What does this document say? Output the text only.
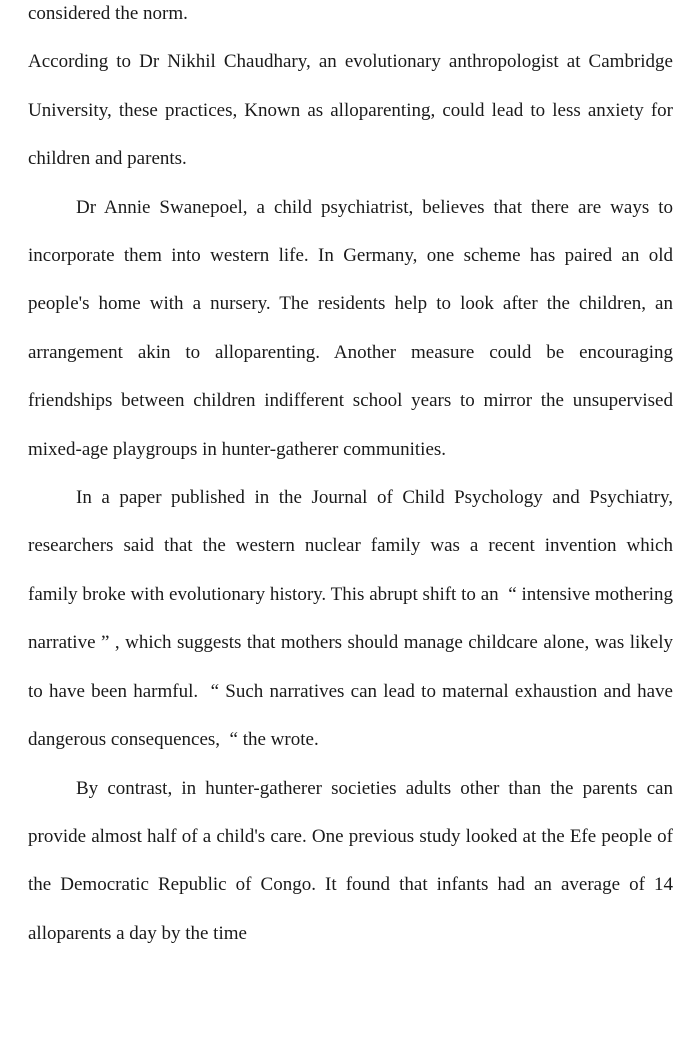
considered the norm.

According to Dr Nikhil Chaudhary, an evolutionary anthropologist at Cambridge University, these practices, Known as alloparenting, could lead to less anxiety for children and parents.

Dr Annie Swanepoel, a child psychiatrist, believes that there are ways to incorporate them into western life. In Germany, one scheme has paired an old people's home with a nursery. The residents help to look after the children, an arrangement akin to alloparenting. Another measure could be encouraging friendships between children indifferent school years to mirror the unsupervised mixed-age playgroups in hunter-gatherer communities.

In a paper published in the Journal of Child Psychology and Psychiatry, researchers said that the western nuclear family was a recent invention which  family broke with evolutionary history. This abrupt shift to an  “ intensive mothering narrative ” , which suggests that mothers should manage childcare alone, was likely to have been harmful.  “ Such narratives can lead to maternal exhaustion and have dangerous consequences,  “ the wrote.

By contrast, in hunter-gatherer societies adults other than the parents can provide almost half of a child's care. One previous study looked at the Efe people of the Democratic Republic of Congo. It found that infants had an average of 14 alloparents a day by the time
